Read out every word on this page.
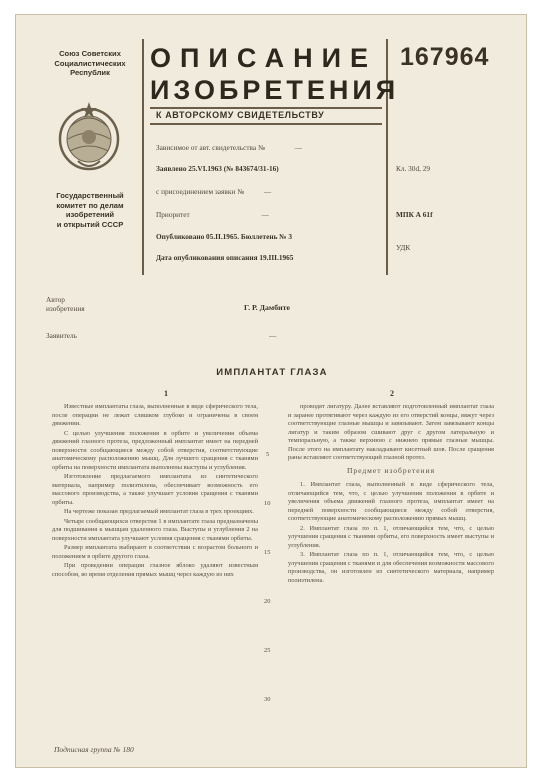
Союз Советских
Социалистических
Республик
Государственный
комитет по делам
изобретений
и открытий СССР
ОПИСАНИЕ
ИЗОБРЕТЕНИЯ
К АВТОРСКОМУ СВИДЕТЕЛЬСТВУ
167964
Зависимое от авт. свидетельства №	—
Заявлено 25.VI.1963 (№ 843674/31-16)
с присоединением заявки №	—
Приоритет	—
Опубликовано 05.II.1965. Бюллетень № 3
Дата опубликования описания 19.III.1965
Кл. 30d, 29
МПК А 61f
УДК
Автор
изобретения	Г. Р. Дамбите
Заявитель	—
ИМПЛАНТАТ ГЛАЗА
1	2

Известные имплантаты глаза, выполненные в виде сферического тела, после операции не лежат слишком глубоко и ограничены в своем движении.

С целью улучшения положения в орбите и увеличения объема движений глазного протеза, предложенный имплантат имеет на передней поверхности сообщающиеся между собой отверстия, соответствующие анатомическому расположению мышц. Для лучшего сращения с тканями орбиты на поверхности имплантата выполнены выступы и углубления.

Изготовление предлагаемого имплантата из синтетического материала, например полиэтилена, обеспечивает возможность его массового производства, а также улучшает условия сращения с тканями орбиты.

На чертеже показан предлагаемый имплантат глаза в трех проекциях.

Четыре сообщающихся отверстия 1 в имплантате глаза предназначены для подшивания к мышцам удаленного глаза. Выступы и углубления 2 на поверхности имплантата улучшают условия сращения с тканями орбиты.

Размер имплантата выбирают в соответствии с возрастом больного и положением в орбите другого глаза.

При проведении операции глазное яблоко удаляют известным способом, во время отделения прямых мышц через каждую из них

5
10
15
20
25
30

проводят лигатуру. Далее вставляют подготовленный имплантат глаза и заранее протягивают через каждую из его отверстий концы, вяжут через соответствующие глазные мышцы и завязывают. Затем завязывают концы лигатур и таким образом сшивают друг с другом латеральную и темпоральную, а также верхнюю с нижнею прямые глазные мышцы. После этого на имплантату накладывают кисетный шов. После сращения раны вставляют соответствующий глазной протез.

Предмет изобретения

1. Имплантат глаза, выполненный в виде сферического тела, отличающийся тем, что, с целью улучшения положения в орбите и увеличения объема движений глазного протеза, имплантат имеет на передней поверхности сообщающиеся между собой отверстия, соответствующие анатомическому расположению прямых мышц.

2. Имплантат глаза по п. 1, отличающийся тем, что, с целью улучшения сращения с тканями орбиты, его поверхность имеет выступы и углубления.

3. Имплантат глаза по п. 1, отличающийся тем, что, с целью улучшения сращения с тканями и для обеспечения возможности массового производства, он изготовлен из синтетического материала, например полиэтилена.

Подписная группа № 180
